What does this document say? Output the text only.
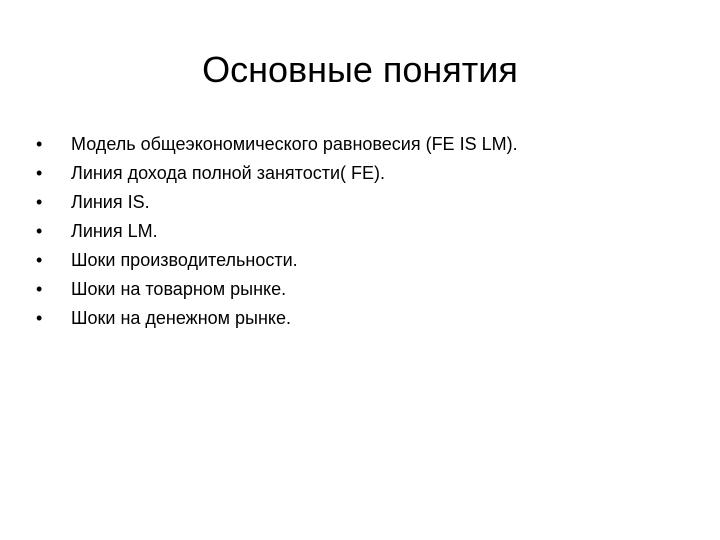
Основные понятия
•	Модель общеэкономического равновесия (FE IS LM).
•	Линия дохода полной занятости( FE).
•	Линия IS.
•	Линия LM.
•	Шоки производительности.
•	Шоки на товарном рынке.
•	Шоки на денежном рынке.
